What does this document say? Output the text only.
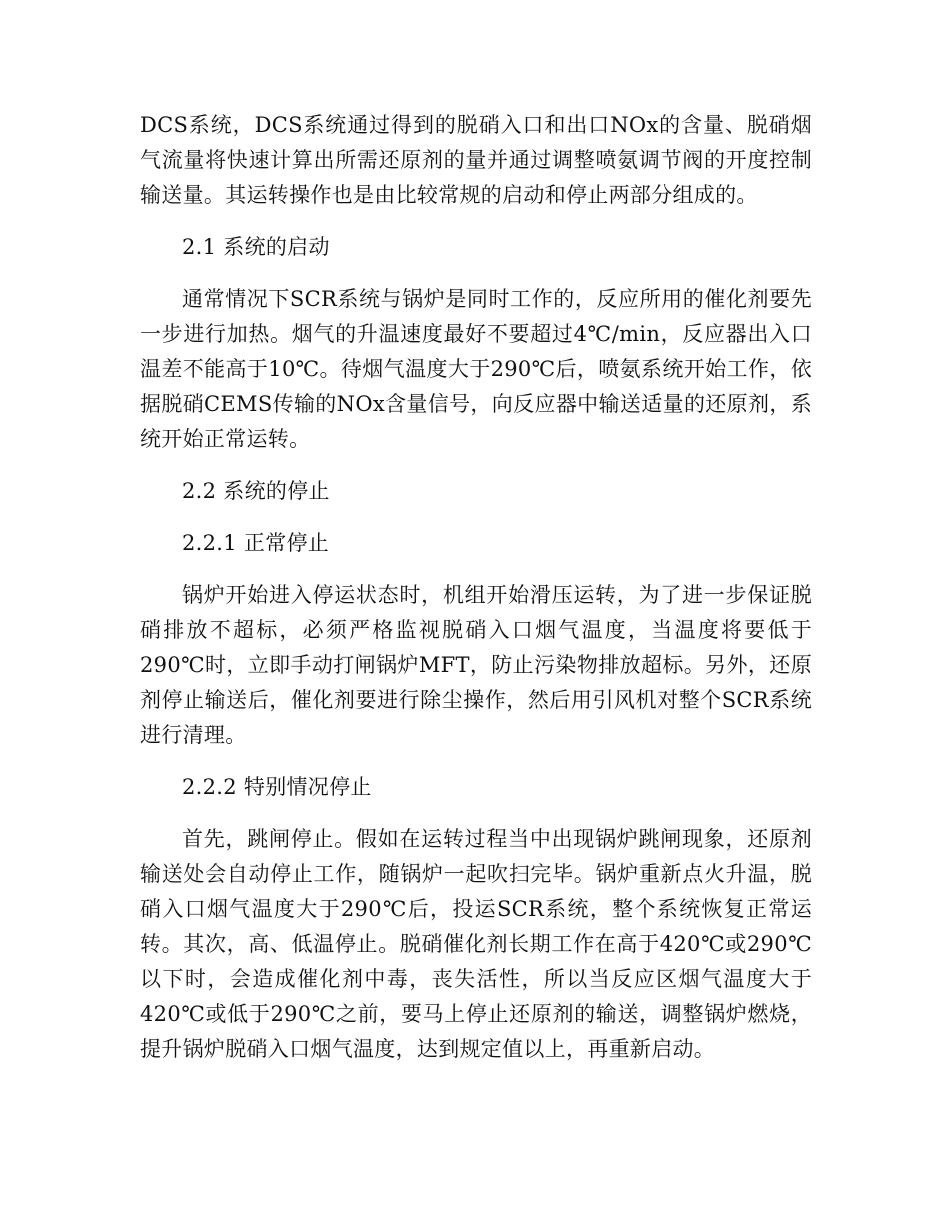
DCS系统，DCS系统通过得到的脱硝入口和出口NOx的含量、脱硝烟气流量将快速计算出所需还原剂的量并通过调整喷氨调节阀的开度控制输送量。其运转操作也是由比较常规的启动和停止两部分组成的。

2.1 系统的启动

通常情况下SCR系统与锅炉是同时工作的，反应所用的催化剂要先一步进行加热。烟气的升温速度最好不要超过4℃/min，反应器出入口温差不能高于10℃。待烟气温度大于290℃后，喷氨系统开始工作，依据脱硝CEMS传输的NOx含量信号，向反应器中输送适量的还原剂，系统开始正常运转。

2.2 系统的停止
2.2.1 正常停止

锅炉开始进入停运状态时，机组开始滑压运转，为了进一步保证脱硝排放不超标，必须严格监视脱硝入口烟气温度，当温度将要低于290℃时，立即手动打闸锅炉MFT，防止污染物排放超标。另外，还原剂停止输送后，催化剂要进行除尘操作，然后用引风机对整个SCR系统进行清理。

2.2.2 特别情况停止

首先，跳闸停止。假如在运转过程当中出现锅炉跳闸现象，还原剂输送处会自动停止工作，随锅炉一起吹扫完毕。锅炉重新点火升温，脱硝入口烟气温度大于290℃后，投运SCR系统，整个系统恢复正常运转。其次，高、低温停止。脱硝催化剂长期工作在高于420℃或290℃以下时，会造成催化剂中毒，丧失活性，所以当反应区烟气温度大于420℃或低于290℃之前，要马上停止还原剂的输送，调整锅炉燃烧，提升锅炉脱硝入口烟气温度，达到规定值以上，再重新启动。
